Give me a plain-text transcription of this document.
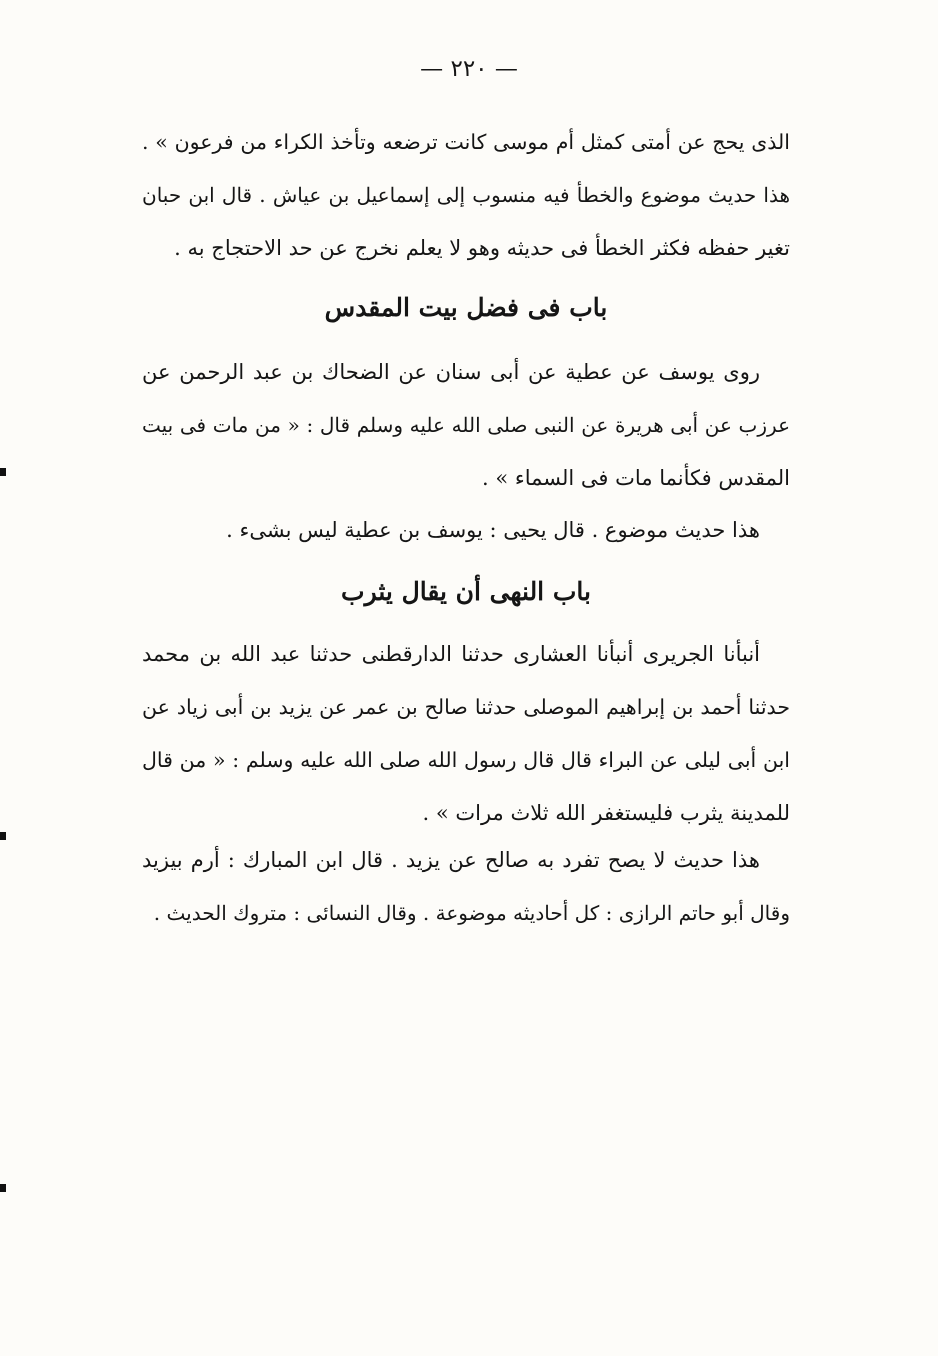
— ٢٢٠ —
الذى يحج عن أمتى كمثل أم موسى كانت ترضعه وتأخذ الكراء من فرعون » .
هذا حديث موضوع والخطأ فيه منسوب إلى إسماعيل بن عياش . قال ابن حبان
تغير حفظه فكثر الخطأ فى حديثه وهو لا يعلم نخرج عن حد الاحتجاج به .
باب فى فضل بيت المقدس
روى يوسف عن عطية عن أبى سنان عن الضحاك بن عبد الرحمن عن
عرزب عن أبى هريرة عن النبى صلى الله عليه وسلم قال : « من مات فى بيت
المقدس فكأنما مات فى السماء » .
هذا حديث موضوع . قال يحيى : يوسف بن عطية ليس بشىء .
باب النهى أن يقال يثرب
أنبأنا الجريرى أنبأنا العشارى حدثنا الدارقطنى حدثنا عبد الله بن محمد
حدثنا أحمد بن إبراهيم الموصلى حدثنا صالح بن عمر عن يزيد بن أبى زياد عن
ابن أبى ليلى عن البراء قال قال رسول الله صلى الله عليه وسلم : « من قال
للمدينة يثرب فليستغفر الله ثلاث مرات » .
هذا حديث لا يصح تفرد به صالح عن يزيد . قال ابن المبارك : أرم بيزيد
وقال أبو حاتم الرازى : كل أحاديثه موضوعة . وقال النسائى : متروك الحديث .
